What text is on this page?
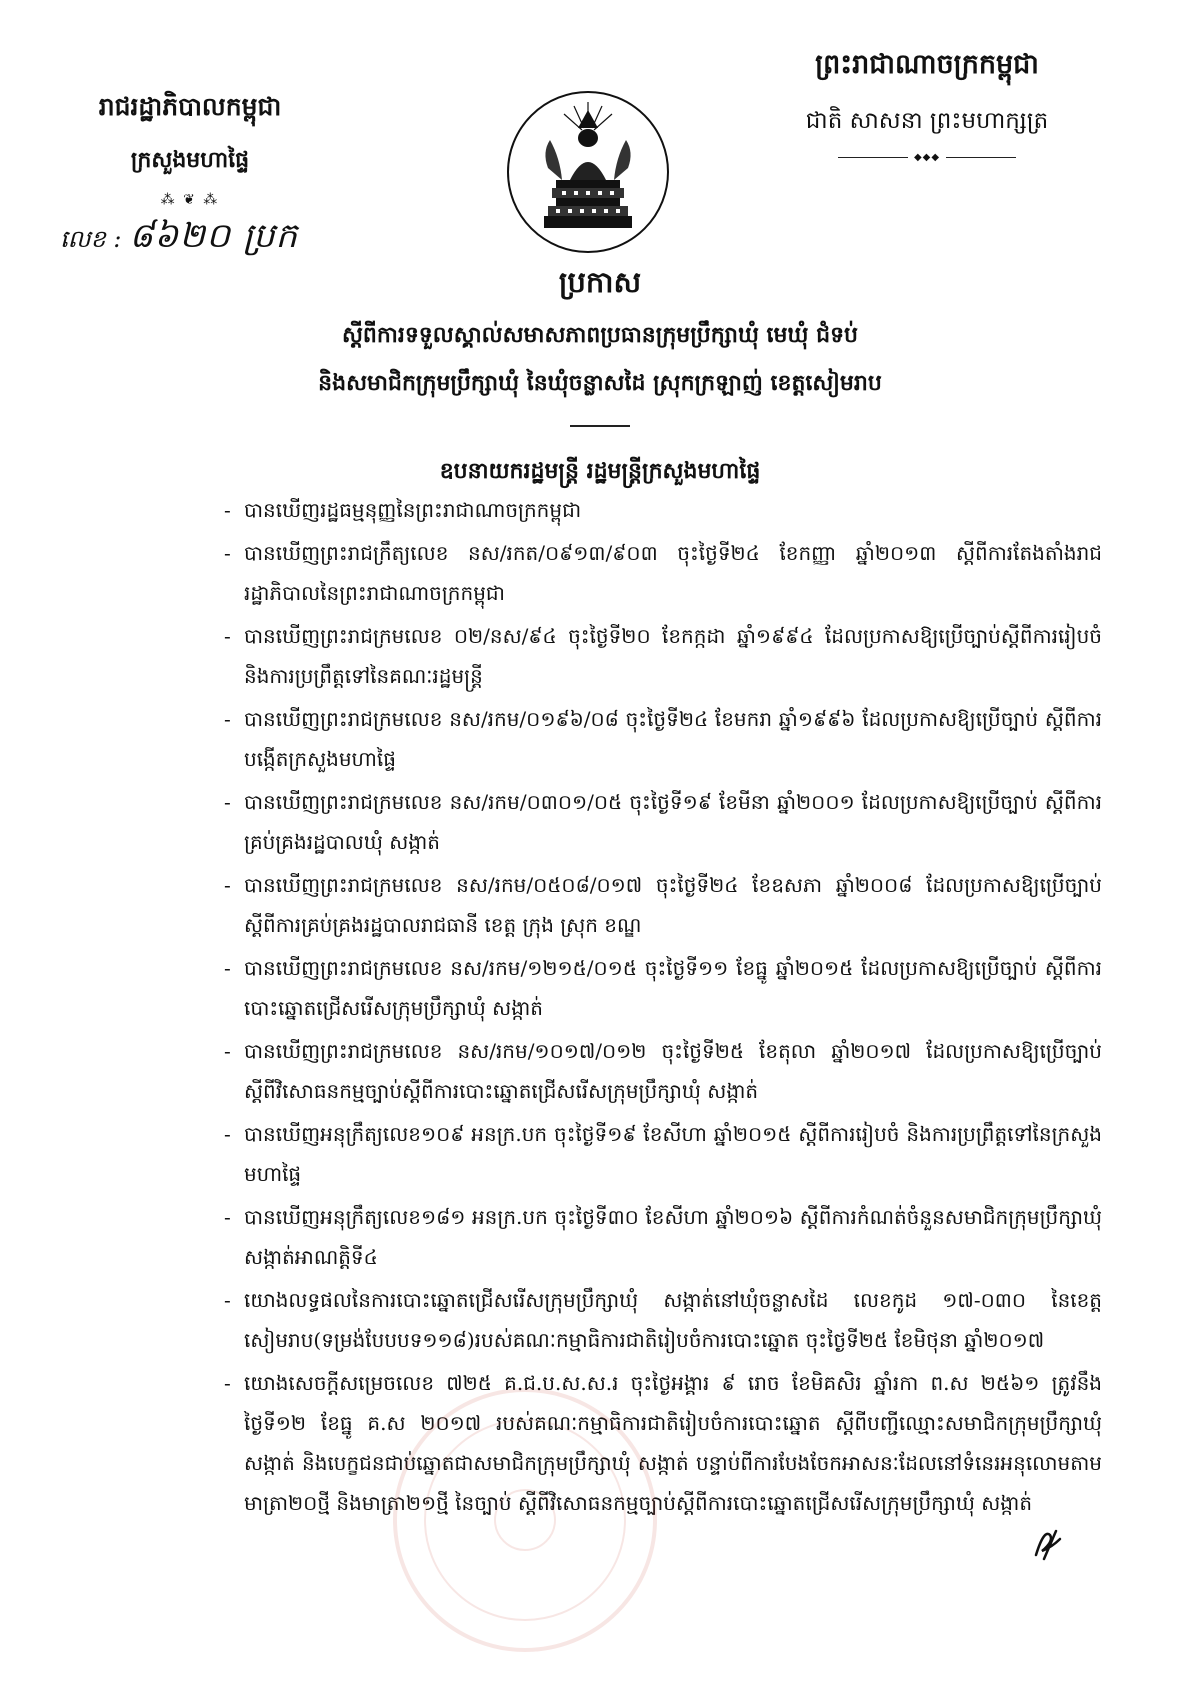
រាជរដ្ឋាភិបាលកម្ពុជា
ក្រសួងមហាផ្ទៃ
⁂ ❦ ⁂
លេខ : ៨៦២០ ប្រក
ព្រះរាជាណាចក្រកម្ពុជា
ជាតិ សាសនា ព្រះមហាក្សត្រ
◆◆◆
ប្រកាស
ស្តីពីការទទួលស្គាល់សមាសភាពប្រធានក្រុមប្រឹក្សាឃុំ មេឃុំ ជំទប់
និងសមាជិកក្រុមប្រឹក្សាឃុំ នៃឃុំចន្លាសដៃ ស្រុកក្រឡាញ់ ខេត្តសៀមរាប
ឧបនាយករដ្ឋមន្ត្រី រដ្ឋមន្ត្រីក្រសួងមហាផ្ទៃ
- បានឃើញរដ្ឋធម្មនុញ្ញនៃព្រះរាជាណាចក្រកម្ពុជា
- បានឃើញព្រះរាជក្រឹត្យលេខ នស/រកត/០៩១៣/៩០៣ ចុះថ្ងៃទី២៤ ខែកញ្ញា ឆ្នាំ២០១៣ ស្តីពីការតែងតាំងរាជរដ្ឋាភិបាលនៃព្រះរាជាណាចក្រកម្ពុជា
- បានឃើញព្រះរាជក្រមលេខ ០២/នស/៩៤ ចុះថ្ងៃទី២០ ខែកក្កដា ឆ្នាំ១៩៩៤ ដែលប្រកាសឱ្យប្រើច្បាប់ស្តីពីការរៀបចំ និងការប្រព្រឹត្តទៅនៃគណៈរដ្ឋមន្ត្រី
- បានឃើញព្រះរាជក្រមលេខ នស/រកម/០១៩៦/០៨ ចុះថ្ងៃទី២៤ ខែមករា ឆ្នាំ១៩៩៦ ដែលប្រកាសឱ្យប្រើច្បាប់ ស្តីពីការបង្កើតក្រសួងមហាផ្ទៃ
- បានឃើញព្រះរាជក្រមលេខ នស/រកម/០៣០១/០៥ ចុះថ្ងៃទី១៩ ខែមីនា ឆ្នាំ២០០១ ដែលប្រកាសឱ្យប្រើច្បាប់ ស្តីពីការគ្រប់គ្រងរដ្ឋបាលឃុំ សង្កាត់
- បានឃើញព្រះរាជក្រមលេខ នស/រកម/០៥០៨/០១៧ ចុះថ្ងៃទី២៤ ខែឧសភា ឆ្នាំ២០០៨ ដែលប្រកាសឱ្យប្រើច្បាប់ ស្តីពីការគ្រប់គ្រងរដ្ឋបាលរាជធានី ខេត្ត ក្រុង ស្រុក ខណ្ឌ
- បានឃើញព្រះរាជក្រមលេខ នស/រកម/១២១៥/០១៥ ចុះថ្ងៃទី១១ ខែធ្នូ ឆ្នាំ២០១៥ ដែលប្រកាសឱ្យប្រើច្បាប់ ស្តីពីការបោះឆ្នោតជ្រើសរើសក្រុមប្រឹក្សាឃុំ សង្កាត់
- បានឃើញព្រះរាជក្រមលេខ នស/រកម/១០១៧/០១២ ចុះថ្ងៃទី២៥ ខែតុលា ឆ្នាំ២០១៧ ដែលប្រកាសឱ្យប្រើច្បាប់ ស្តីពីវិសោធនកម្មច្បាប់ស្តីពីការបោះឆ្នោតជ្រើសរើសក្រុមប្រឹក្សាឃុំ សង្កាត់
- បានឃើញអនុក្រឹត្យលេខ១០៩ អនក្រ.បក ចុះថ្ងៃទី១៩ ខែសីហា ឆ្នាំ២០១៥ ស្តីពីការរៀបចំ និងការប្រព្រឹត្តទៅនៃក្រសួងមហាផ្ទៃ
- បានឃើញអនុក្រឹត្យលេខ១៨១ អនក្រ.បក ចុះថ្ងៃទី៣០ ខែសីហា ឆ្នាំ២០១៦ ស្តីពីការកំណត់ចំនួនសមាជិកក្រុមប្រឹក្សាឃុំ សង្កាត់អាណត្តិទី៤
- យោងលទ្ធផលនៃការបោះឆ្នោតជ្រើសរើសក្រុមប្រឹក្សាឃុំ សង្កាត់នៅឃុំចន្លាសដៃ លេខកូដ ១៧-០៣០ នៃខេត្តសៀមរាប(ទម្រង់បែបបទ១១៨)របស់គណៈកម្មាធិការជាតិរៀបចំការបោះឆ្នោត ចុះថ្ងៃទី២៥ ខែមិថុនា ឆ្នាំ២០១៧
- យោងសេចក្តីសម្រេចលេខ ៧២៥ គ.ជ.ប.ស.ស.រ ចុះថ្ងៃអង្គារ ៩ រោច ខែមិគសិរ ឆ្នាំរកា ព.ស ២៥៦១ ត្រូវនឹងថ្ងៃទី១២ ខែធ្នូ គ.ស ២០១៧ របស់គណៈកម្មាធិការជាតិរៀបចំការបោះឆ្នោត ស្តីពីបញ្ជីឈ្មោះសមាជិកក្រុមប្រឹក្សាឃុំ សង្កាត់ និងបេក្ខជនជាប់ឆ្នោតជាសមាជិកក្រុមប្រឹក្សាឃុំ សង្កាត់ បន្ទាប់ពីការបែងចែកអាសនៈដែលនៅទំនេរអនុលោមតាមមាត្រា២០ថ្មី និងមាត្រា២១ថ្មី នៃច្បាប់ ស្តីពីវិសោធនកម្មច្បាប់ស្តីពីការបោះឆ្នោតជ្រើសរើសក្រុមប្រឹក្សាឃុំ សង្កាត់
